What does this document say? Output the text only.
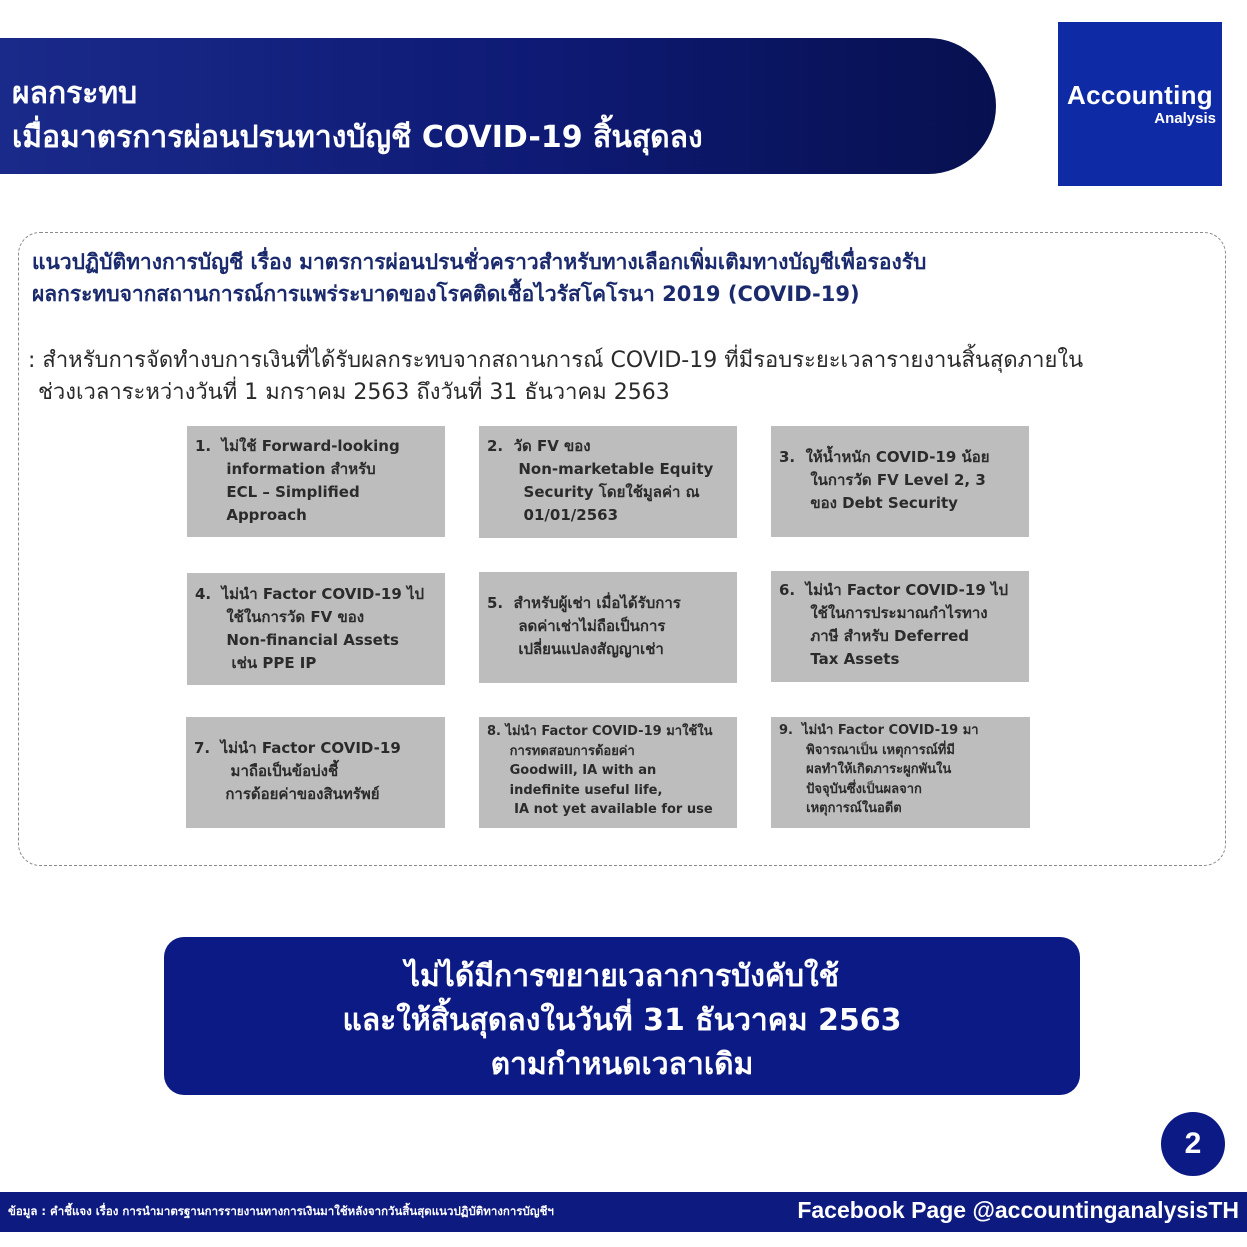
ผลกระทบ
เมื่อมาตรการผ่อนปรนทางบัญชี COVID-19 สิ้นสุดลง
Accounting
Analysis
แนวปฏิบัติทางการบัญชี เรื่อง มาตรการผ่อนปรนชั่วคราวสำหรับทางเลือกเพิ่มเติมทางบัญชีเพื่อรองรับ
ผลกระทบจากสถานการณ์การแพร่ระบาดของโรคติดเชื้อไวรัสโคโรนา 2019 (COVID-19)
: สำหรับการจัดทำงบการเงินที่ได้รับผลกระทบจากสถานการณ์ COVID-19 ที่มีรอบระยะเวลารายงานสิ้นสุดภายใน
ช่วงเวลาระหว่างวันที่ 1 มกราคม 2563 ถึงวันที่ 31 ธันวาคม 2563
1.  ไม่ใช้ Forward-looking
information สำหรับ
ECL – Simplified
Approach
2.  วัด FV ของ
Non-marketable Equity
Security โดยใช้มูลค่า ณ
01/01/2563
3.  ให้น้ำหนัก COVID-19 น้อย
ในการวัด FV Level 2, 3
ของ Debt Security
4.  ไม่นำ Factor COVID-19 ไป
ใช้ในการวัด FV ของ
Non-financial Assets
เช่น PPE IP
5.  สำหรับผู้เช่า เมื่อได้รับการ
ลดค่าเช่าไม่ถือเป็นการ
เปลี่ยนแปลงสัญญาเช่า
6.  ไม่นำ Factor COVID-19 ไป
ใช้ในการประมาณกำไรทาง
ภาษี สำหรับ Deferred
Tax Assets
7.  ไม่นำ Factor COVID-19
มาถือเป็นข้อบ่งชี้
การด้อยค่าของสินทรัพย์
8. ไม่นำ Factor COVID-19 มาใช้ใน
การทดสอบการด้อยค่า
Goodwill, IA with an
indefinite useful life,
IA not yet available for use
9.  ไม่นำ Factor COVID-19 มา
พิจารณาเป็น เหตุการณ์ที่มี
ผลทำให้เกิดภาระผูกพันใน
ปัจจุบันซึ่งเป็นผลจาก
เหตุการณ์ในอดีต
ไม่ได้มีการขยายเวลาการบังคับใช้
และให้สิ้นสุดลงในวันที่ 31 ธันวาคม 2563
ตามกำหนดเวลาเดิม
2
ข้อมูล : คำชี้แจง เรื่อง การนำมาตรฐานการรายงานทางการเงินมาใช้หลังจากวันสิ้นสุดแนวปฏิบัติทางการบัญชีฯ	Facebook Page @accountinganalysisTH
